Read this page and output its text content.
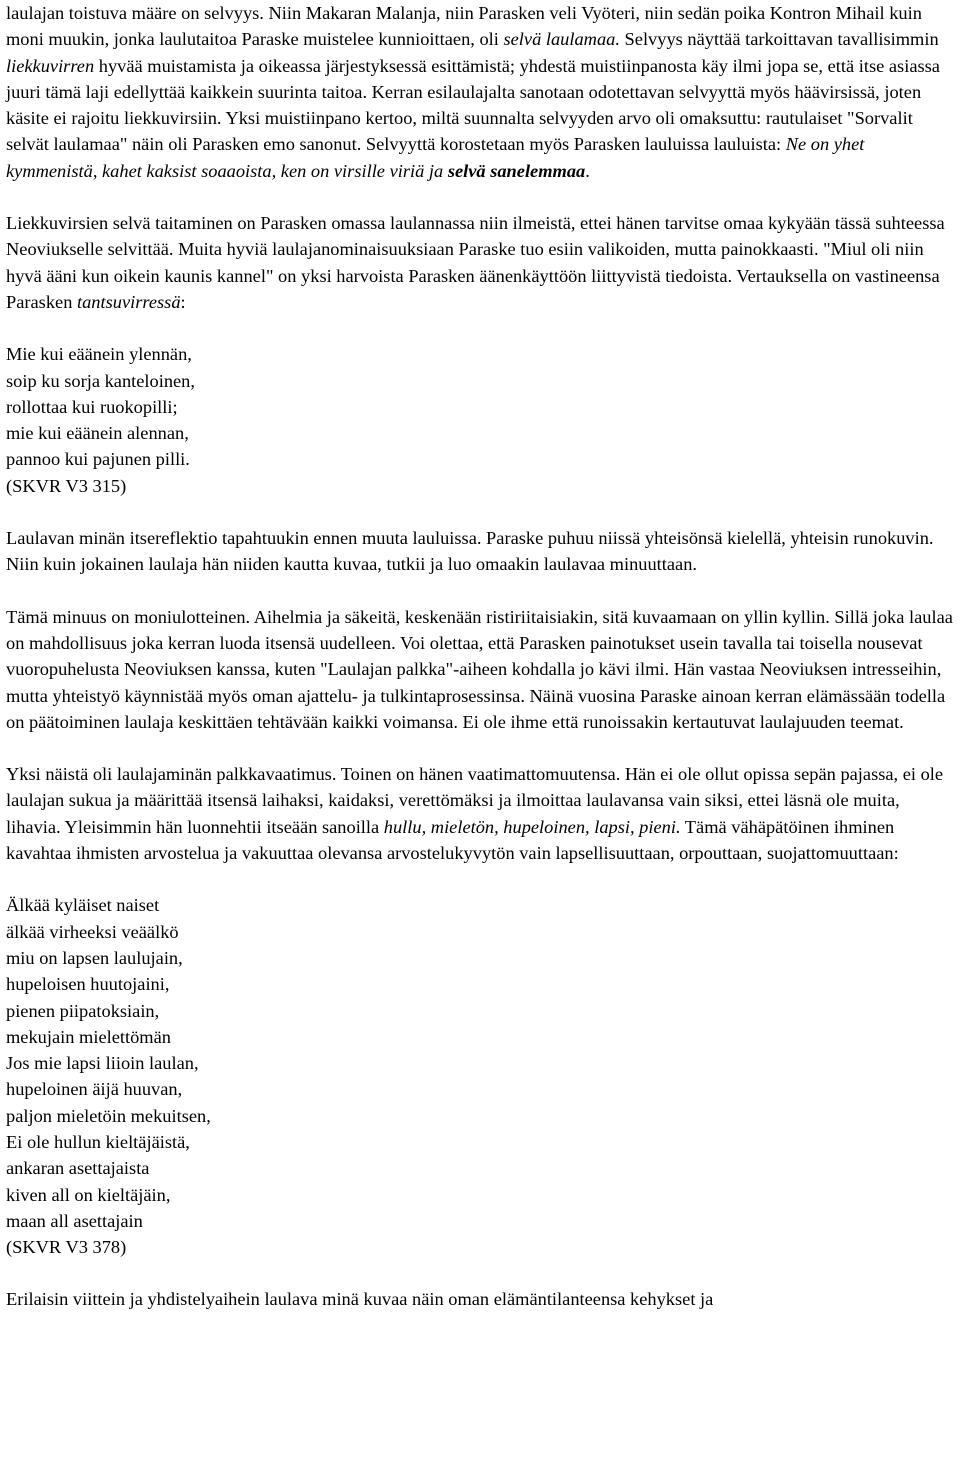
laulajan toistuva määre on selvyys. Niin Makaran Malanja, niin Parasken veli Vyöteri, niin sedän poika Kontron Mihail kuin moni muukin, jonka laulutaitoa Paraske muistelee kunnioittaen, oli selvä laulamaa. Selvyys näyttää tarkoittavan tavallisimmin liekkuvirren hyvää muistamista ja oikeassa järjestyksessä esittämistä; yhdestä muistiinpanosta käy ilmi jopa se, että itse asiassa juuri tämä laji edellyttää kaikkein suurinta taitoa. Kerran esilaulajalta sanotaan odotettavan selvyyttä myös häävirsissä, joten käsite ei rajoitu liekkuvirsiin. Yksi muistiinpano kertoo, miltä suunnalta selvyyden arvo oli omaksuttu: rautulaiset "Sorvalit selvät laulamaa" näin oli Parasken emo sanonut. Selvyyttä korostetaan myös Parasken lauluissa lauluista: Ne on yhet kymmenistä, kahet kaksist soaaoista, ken on virsille viriä ja selvä sanelemmaa.

Liekkuvirsien selvä taitaminen on Parasken omassa laulannassa niin ilmeistä, ettei hänen tarvitse omaa kykyään tässä suhteessa Neoviukselle selvittää. Muita hyviä laulajanominaisuuksiaan Paraske tuo esiin valikoiden, mutta painokkaasti. "Miul oli niin hyvä ääni kun oikein kaunis kannel" on yksi harvoista Parasken äänenkäyttöön liittyvistä tiedoista. Vertauksella on vastineensa Parasken tantsuvirressä:

Mie kui eäänein ylennän,
soip ku sorja kanteloinen,
rollottaa kui ruokopilli;
mie kui eäänein alennan,
pannoo kui pajunen pilli.
(SKVR V3 315)

Laulavan minän itsereflektio tapahtuukin ennen muuta lauluissa. Paraske puhuu niissä yhteisönsä kielellä, yhteisin runokuvin. Niin kuin jokainen laulaja hän niiden kautta kuvaa, tutkii ja luo omaakin laulavaa minuuttaan.

Tämä minuus on moniulotteinen. Aihelmia ja säkeitä, keskenään ristiriitaisiakin, sitä kuvaamaan on yllin kyllin. Sillä joka laulaa on mahdollisuus joka kerran luoda itsensä uudelleen. Voi olettaa, että Parasken painotukset usein tavalla tai toisella nousevat vuoropuhelusta Neoviuksen kanssa, kuten "Laulajan palkka"-aiheen kohdalla jo kävi ilmi. Hän vastaa Neoviuksen intresseihin, mutta yhteistyö käynnistää myös oman ajattelu- ja tulkintaprosessinsa. Näinä vuosina Paraske ainoan kerran elämässään todella on päätoiminen laulaja keskittäen tehtävään kaikki voimansa. Ei ole ihme että runoissakin kertautuvat laulajuuden teemat.

Yksi näistä oli laulajaminän palkkavaatimus. Toinen on hänen vaatimattomuutensa. Hän ei ole ollut opissa sepän pajassa, ei ole laulajan sukua ja määrittää itsensä laihaksi, kaidaksi, verettömäksi ja ilmoittaa laulavansa vain siksi, ettei läsnä ole muita, lihavia. Yleisimmin hän luonnehtii itseään sanoilla hullu, mieletön, hupeloinen, lapsi, pieni. Tämä vähäpätöinen ihminen kavahtaa ihmisten arvostelua ja vakuuttaa olevansa arvostelukyvytön vain lapsellisuuttaan, orpouttaan, suojattomuuttaan:

Älkää kyläiset naiset
älkää virheeksi veäälkö
miu on lapsen laulujain,
hupeloisen huutojaini,
pienen piipatoksiain,
mekujain mielettömän
Jos mie lapsi liioin laulan,
hupeloinen äijä huuvan,
paljon mieletöin mekuitsen,
Ei ole hullun kieltäjäistä,
ankaran asettajaista
kiven all on kieltäjäin,
maan all asettajain
(SKVR V3 378)

Erilaisin viittein ja yhdistelyaihein laulava minä kuvaa näin oman elämäntilanteensa kehykset ja
